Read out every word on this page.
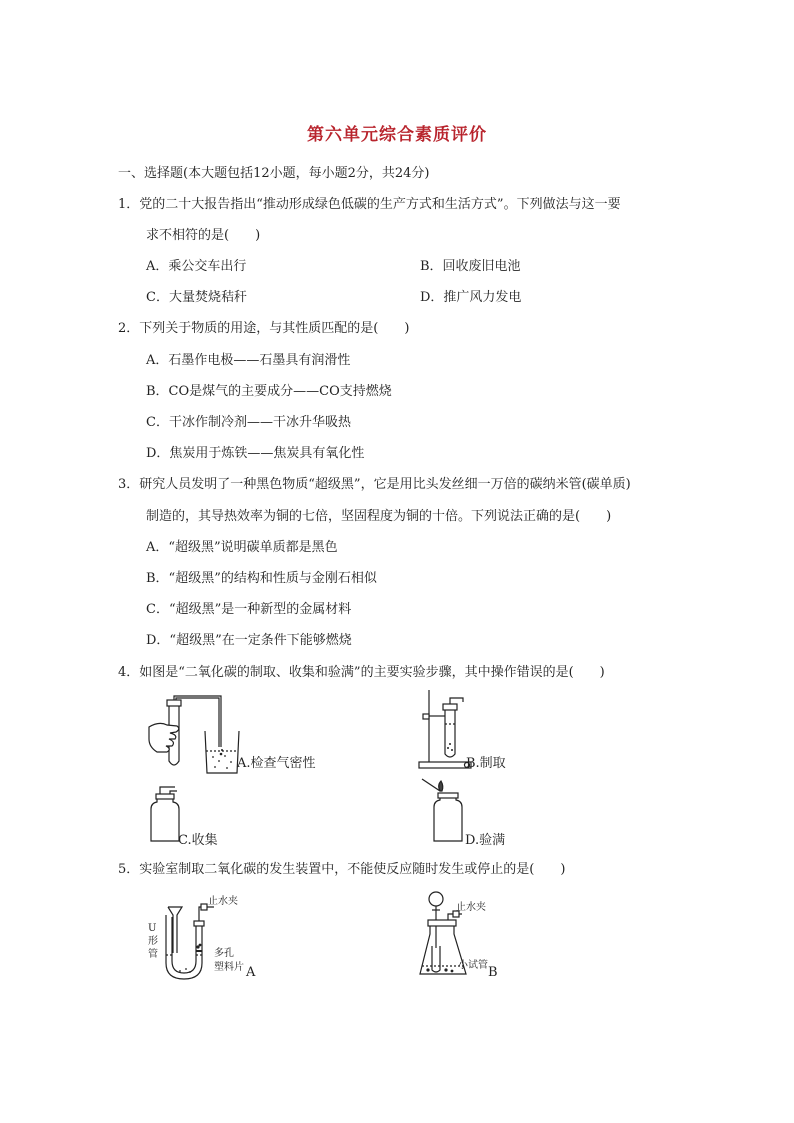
第六单元综合素质评价
一、选择题(本大题包括12小题，每小题2分，共24分)
1．党的二十大报告指出“推动形成绿色低碳的生产方式和生活方式”。下列做法与这一要
求不相符的是(　　)
A．乘公交车出行	B．回收废旧电池
C．大量焚烧秸秆	D．推广风力发电
2．下列关于物质的用途，与其性质匹配的是(　　)
A．石墨作电极——石墨具有润滑性
B．CO是煤气的主要成分——CO支持燃烧
C．干冰作制冷剂——干冰升华吸热
D．焦炭用于炼铁——焦炭具有氧化性
3．研究人员发明了一种黑色物质“超级黑”，它是用比头发丝细一万倍的碳纳米管(碳单质)
制造的，其导热效率为铜的七倍，坚固程度为铜的十倍。下列说法正确的是(　　)
A．“超级黑”说明碳单质都是黑色
B．“超级黑”的结构和性质与金刚石相似
C．“超级黑”是一种新型的金属材料
D．“超级黑”在一定条件下能够燃烧
4．如图是“二氧化碳的制取、收集和验满”的主要实验步骤，其中操作错误的是(　　)
A.检查气密性	B.制取
C.收集	D.验满
5．实验室制取二氧化碳的发生装置中，不能使反应随时发生或停止的是(　　)
止水夹
U
形
管	多孔
塑料片 A
止水夹
小试管 B
